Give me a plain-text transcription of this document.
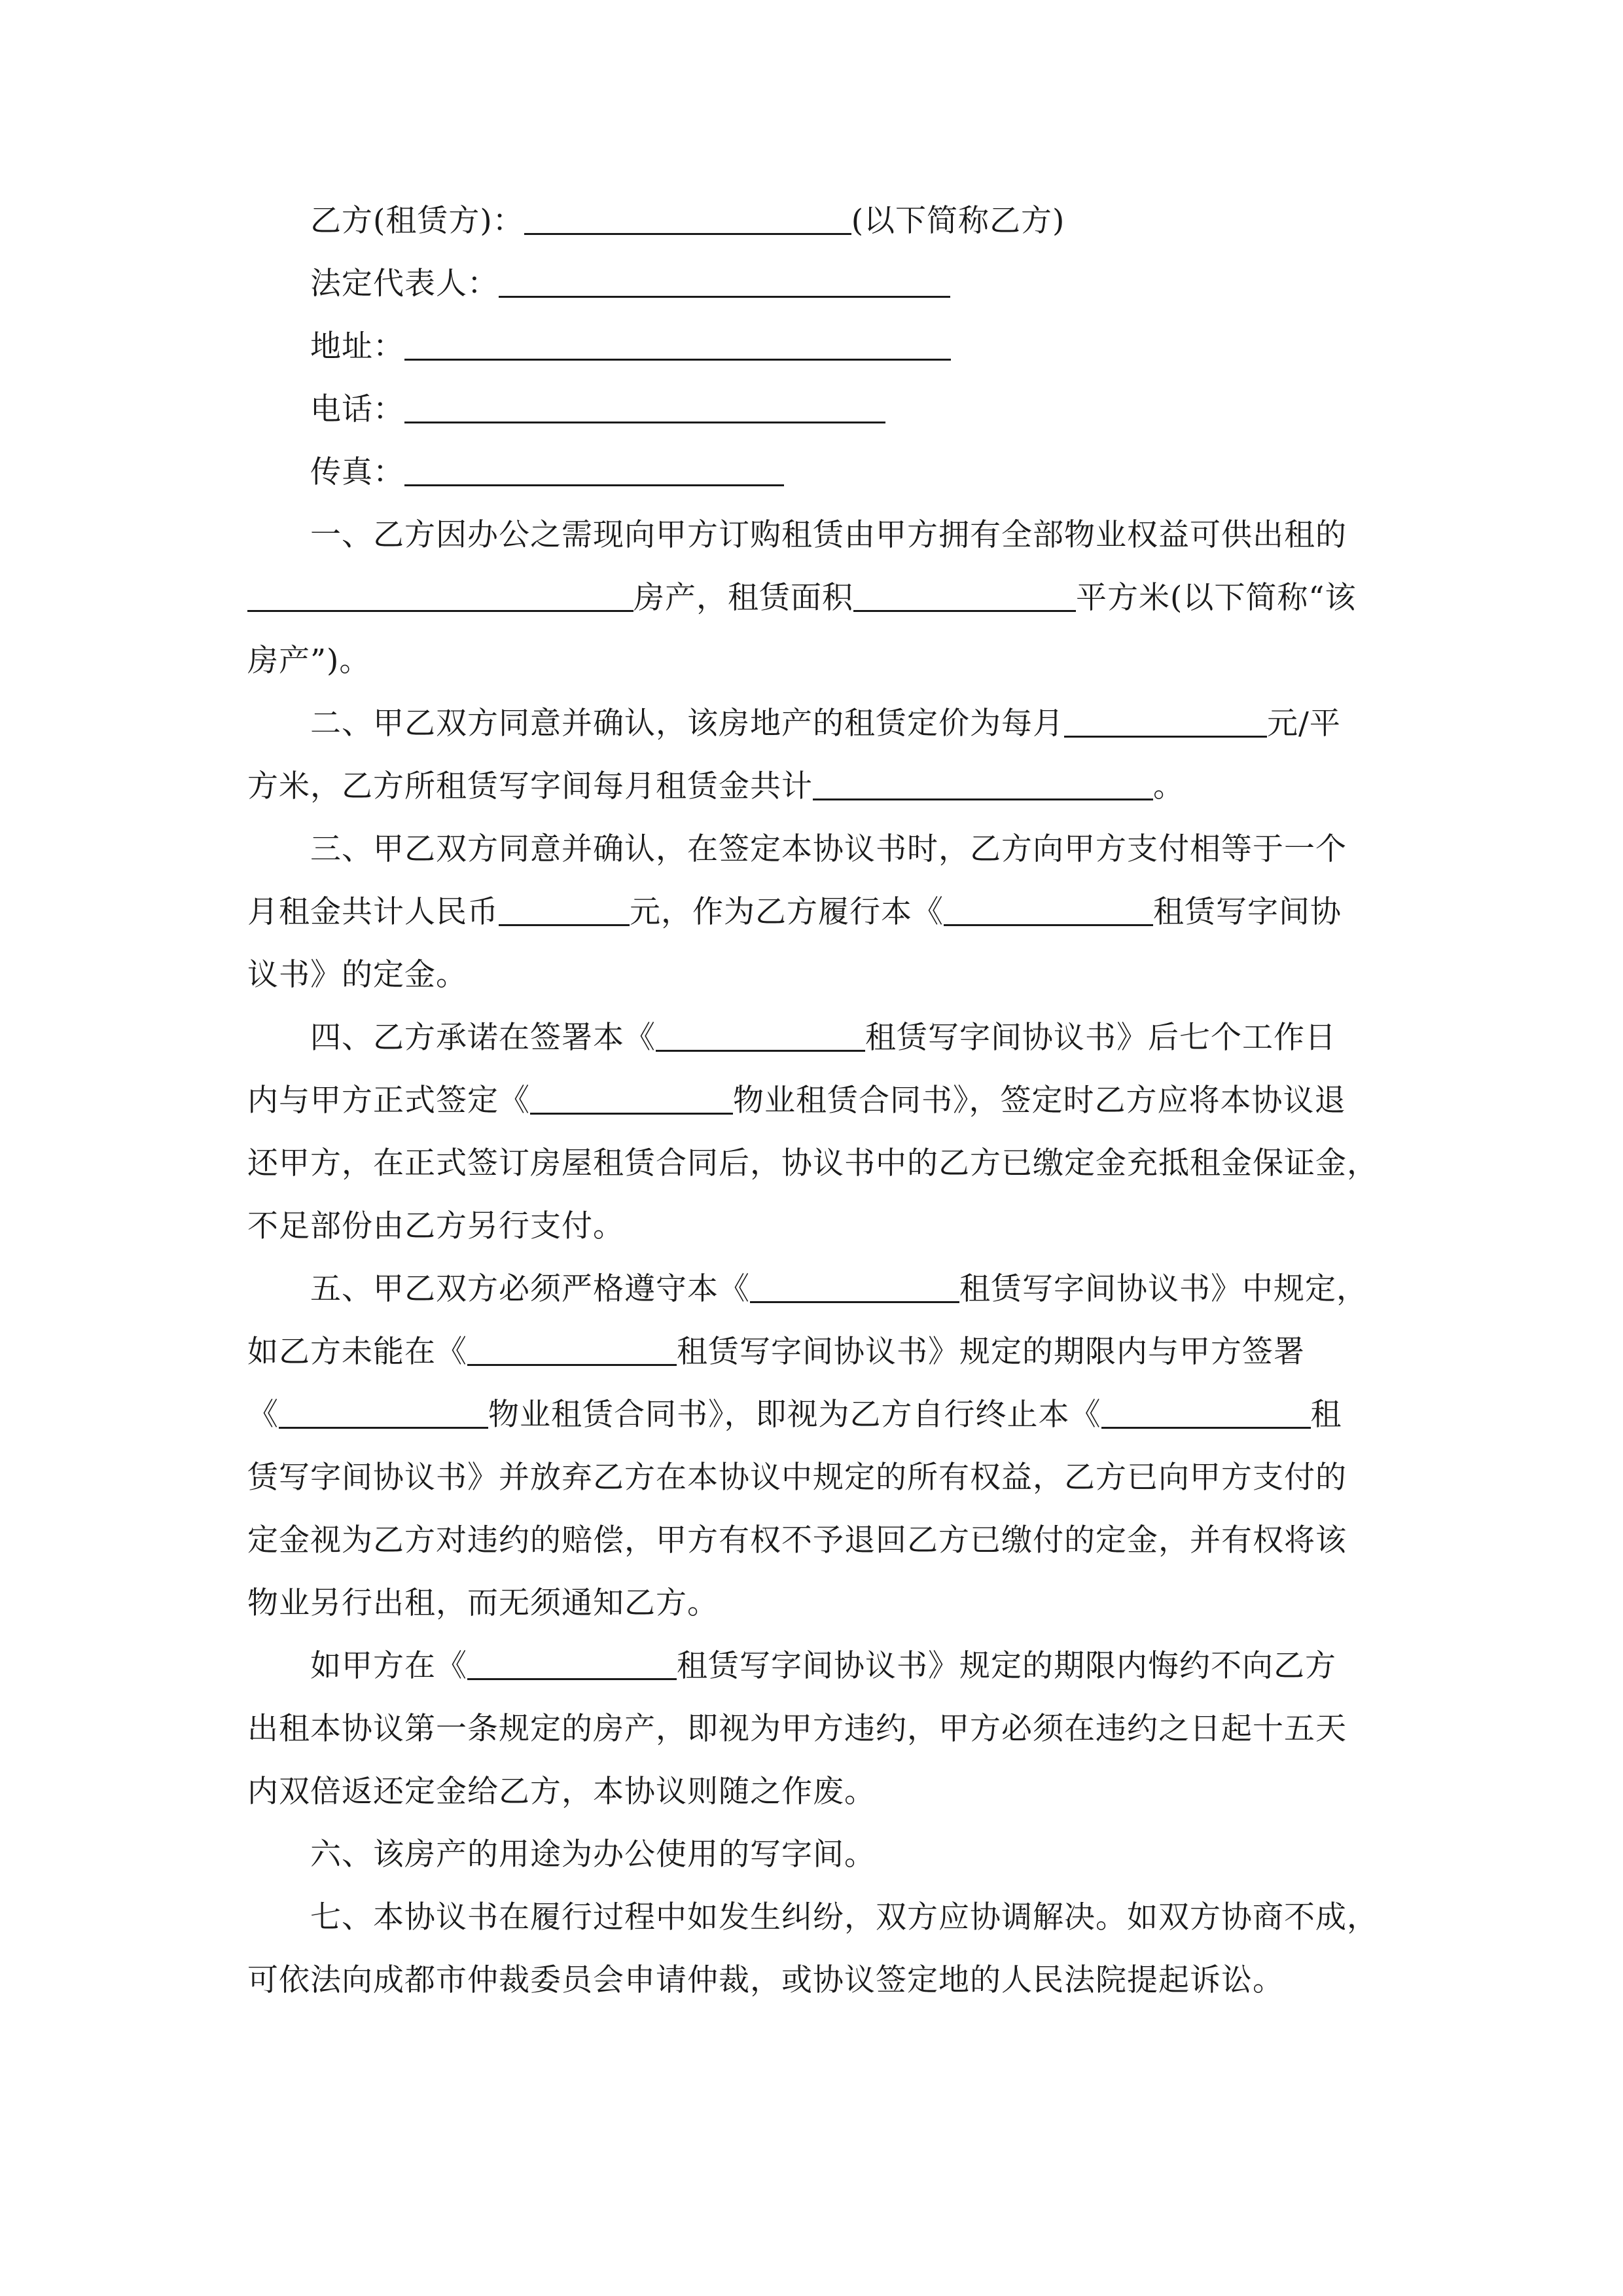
乙方(租赁方)：	(以下简称乙方)
法定代表人：
地址：
电话：
传真：
一、乙方因办公之需现向甲方订购租赁由甲方拥有全部物业权益可供出租的
房产，租赁面积	平方米(以下简称“该
房产”)。
二、甲乙双方同意并确认，该房地产的租赁定价为每月	元/平
方米，乙方所租赁写字间每月租赁金共计	。
三、甲乙双方同意并确认，在签定本协议书时，乙方向甲方支付相等于一个
月租金共计人民币	元，作为乙方履行本《	租赁写字间协
议书》的定金。
四、乙方承诺在签署本《	租赁写字间协议书》后七个工作日
内与甲方正式签定《	物业租赁合同书》，签定时乙方应将本协议退
还甲方，在正式签订房屋租赁合同后，协议书中的乙方已缴定金充抵租金保证金，
不足部份由乙方另行支付。
五、甲乙双方必须严格遵守本《	租赁写字间协议书》中规定，
如乙方未能在《	租赁写字间协议书》规定的期限内与甲方签署
《	物业租赁合同书》，即视为乙方自行终止本《	租
赁写字间协议书》并放弃乙方在本协议中规定的所有权益，乙方已向甲方支付的
定金视为乙方对违约的赔偿，甲方有权不予退回乙方已缴付的定金，并有权将该
物业另行出租，而无须通知乙方。
如甲方在《	租赁写字间协议书》规定的期限内悔约不向乙方
出租本协议第一条规定的房产，即视为甲方违约，甲方必须在违约之日起十五天
内双倍返还定金给乙方，本协议则随之作废。
六、该房产的用途为办公使用的写字间。
七、本协议书在履行过程中如发生纠纷，双方应协调解决。如双方协商不成，
可依法向成都市仲裁委员会申请仲裁，或协议签定地的人民法院提起诉讼。
